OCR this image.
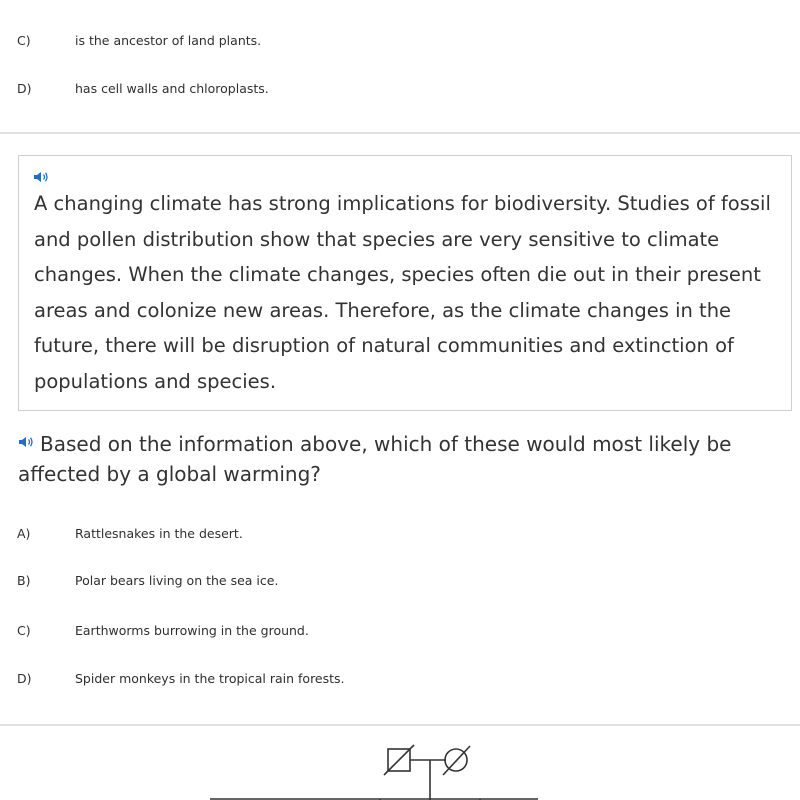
C)	is the ancestor of land plants.
D)	has cell walls and chloroplasts.
A changing climate has strong implications for biodiversity. Studies of fossil and pollen distribution show that species are very sensitive to climate changes. When the climate changes, species often die out in their present areas and colonize new areas. Therefore, as the climate changes in the future, there will be disruption of natural communities and extinction of populations and species.
Based on the information above, which of these would most likely be affected by a global warming?
A)	Rattlesnakes in the desert.
B)	Polar bears living on the sea ice.
C)	Earthworms burrowing in the ground.
D)	Spider monkeys in the tropical rain forests.
